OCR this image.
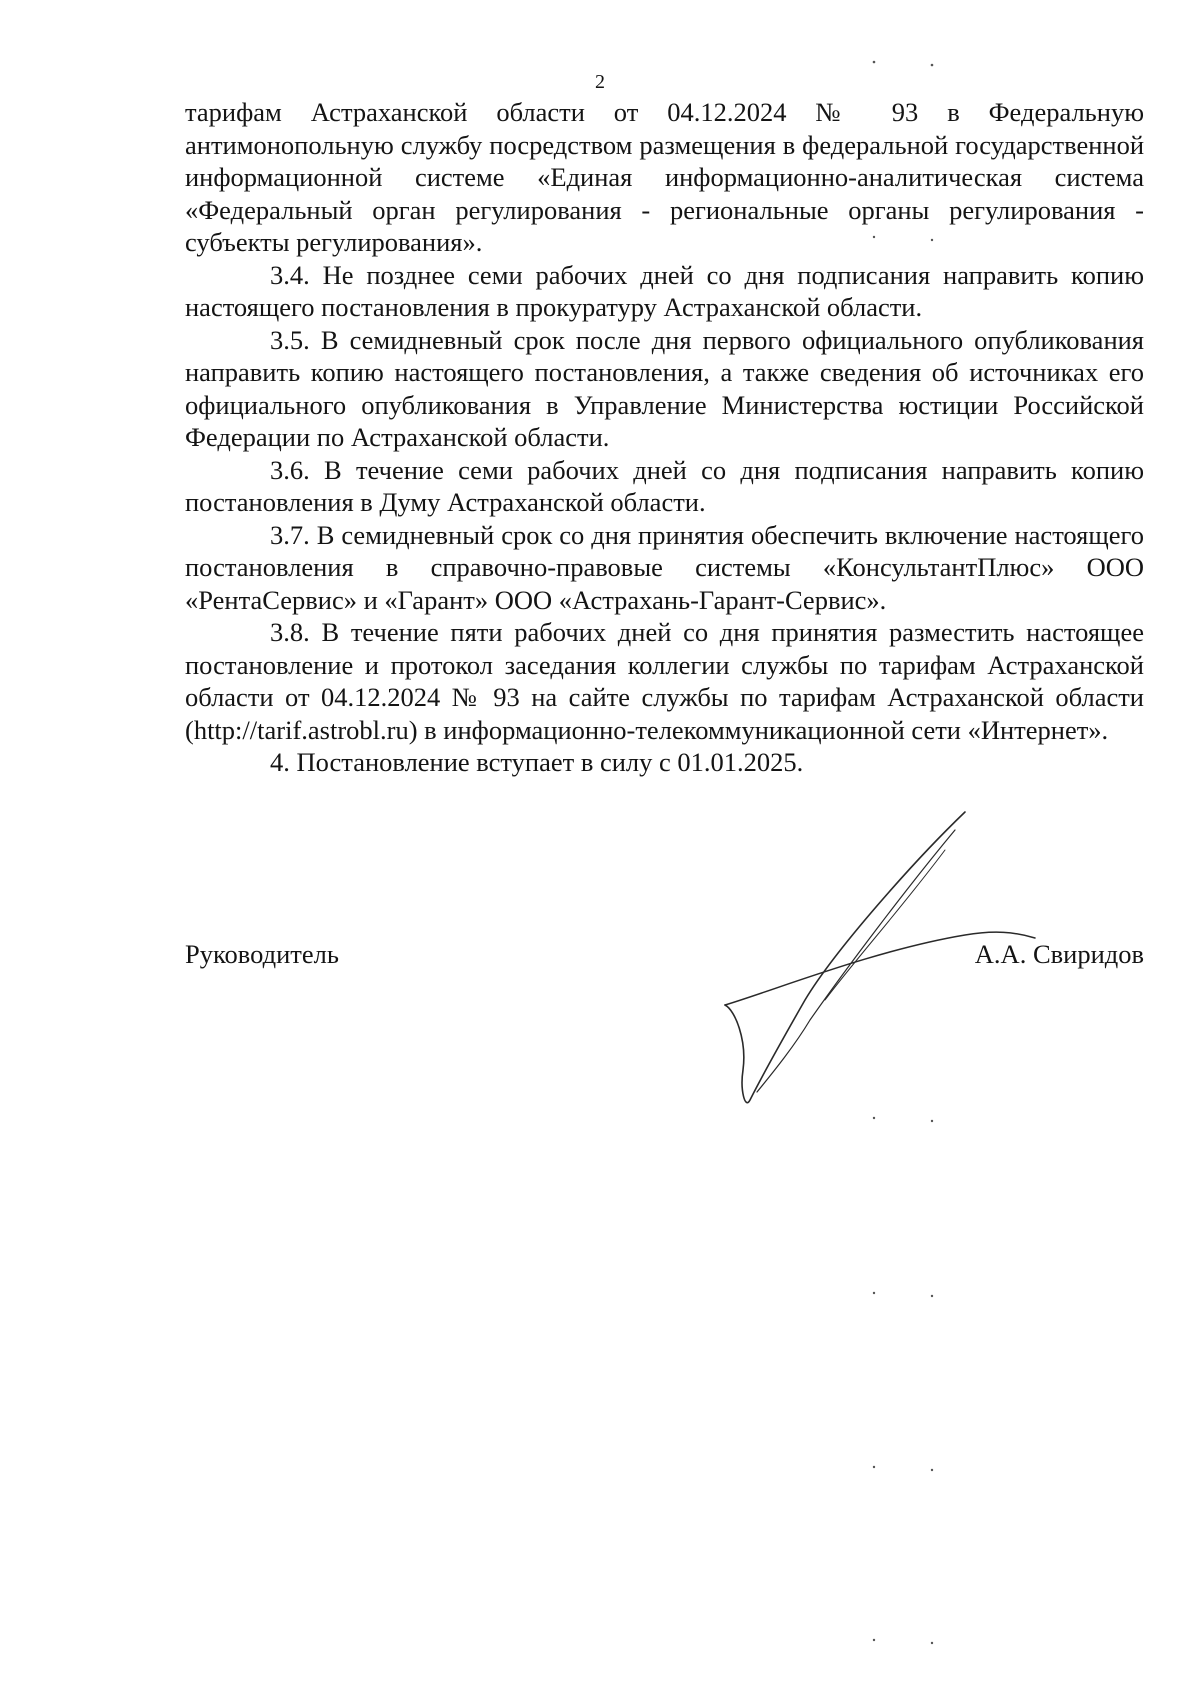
2

тарифам Астраханской области от 04.12.2024 № 93 в Федеральную антимонопольную службу посредством размещения в федеральной государственной информационной системе «Единая информационно-аналитическая система «Федеральный орган регулирования - региональные органы регулирования - субъекты регулирования».

3.4. Не позднее семи рабочих дней со дня подписания направить копию настоящего постановления в прокуратуру Астраханской области.

3.5. В семидневный срок после дня первого официального опубликования направить копию настоящего постановления, а также сведения об источниках его официального опубликования в Управление Министерства юстиции Российской Федерации по Астраханской области.

3.6. В течение семи рабочих дней со дня подписания направить копию постановления в Думу Астраханской области.

3.7. В семидневный срок со дня принятия обеспечить включение настоящего постановления в справочно-правовые системы «КонсультантПлюс» ООО «РентаСервис» и «Гарант» ООО «Астрахань-Гарант-Сервис».

3.8. В течение пяти рабочих дней со дня принятия разместить настоящее постановление и протокол заседания коллегии службы по тарифам Астраханской области от 04.12.2024 № 93 на сайте службы по тарифам Астраханской области (http://tarif.astrobl.ru) в информационно-телекоммуникационной сети «Интернет».

4. Постановление вступает в силу с 01.01.2025.

Руководитель	А.А. Свиридов
